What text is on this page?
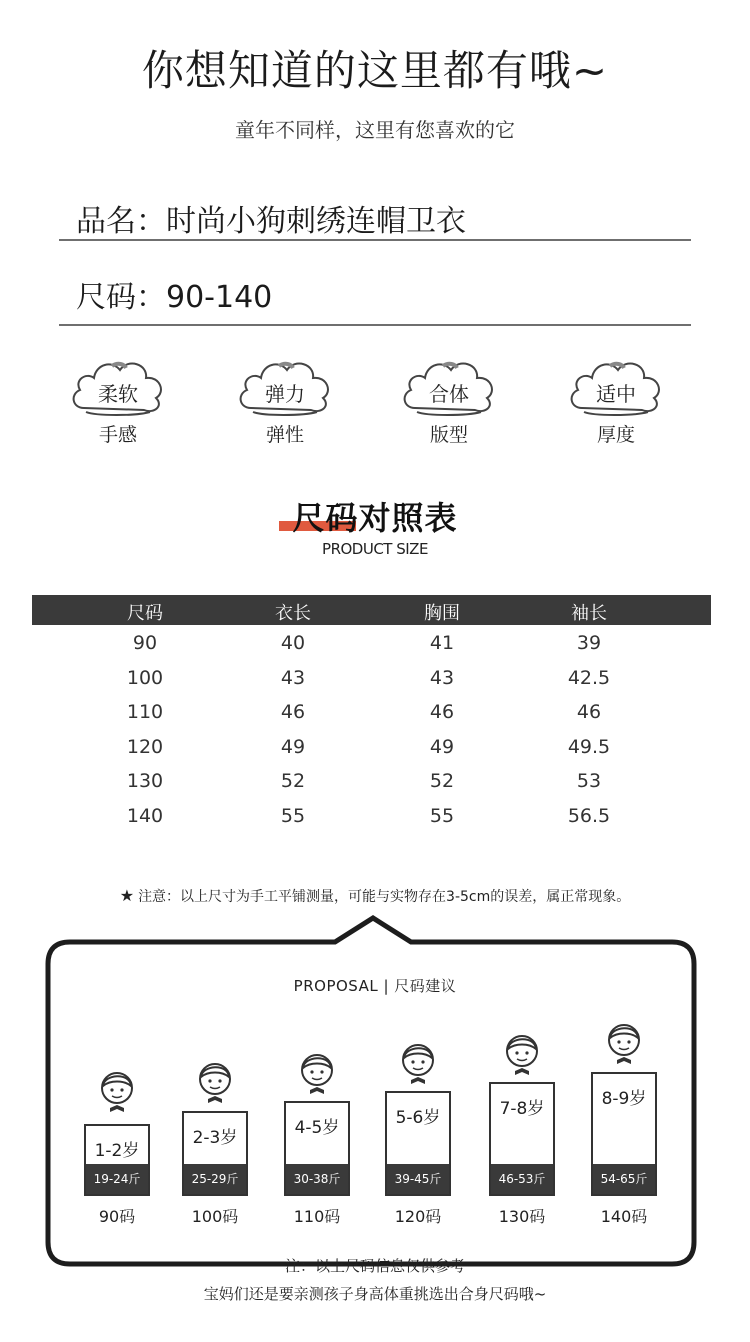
你想知道的这里都有哦~
童年不同样，这里有您喜欢的它
品名：时尚小狗刺绣连帽卫衣
尺码：90-140
柔软
手感
弹力
弹性
合体
版型
适中
厚度
尺码对照表
PRODUCT SIZE
尺码	衣长	胸围	袖长
90	40	41	39
100	43	43	42.5
110	46	46	46
120	49	49	49.5
130	52	52	53
140	55	55	56.5
★ 注意：以上尺寸为手工平铺测量，可能与实物存在3-5cm的误差，属正常现象。
PROPOSAL | 尺码建议
1-2岁
19-24斤
90码
2-3岁
25-29斤
100码
4-5岁
30-38斤
110码
5-6岁
39-45斤
120码
7-8岁
46-53斤
130码
8-9岁
54-65斤
140码
注：以上尺码信息仅供参考
宝妈们还是要亲测孩子身高体重挑选出合身尺码哦~
